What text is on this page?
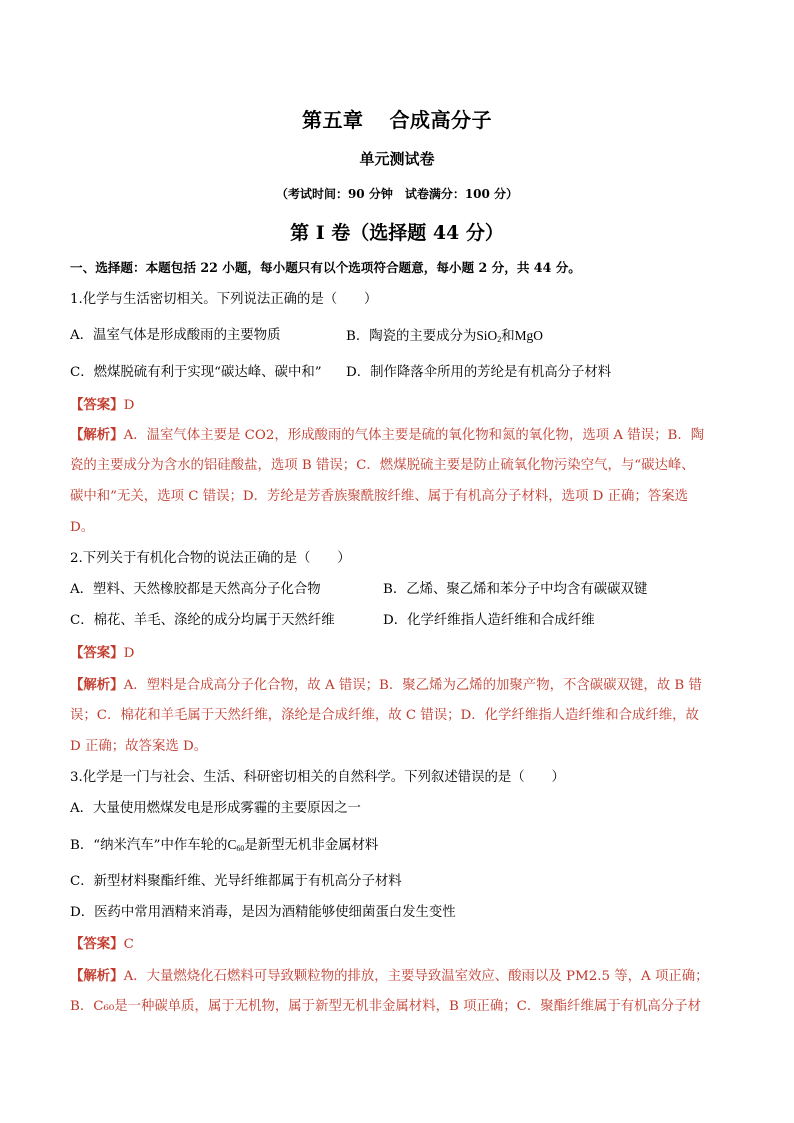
第五章 合成高分子
单元测试卷
（考试时间：90 分钟　试卷满分：100 分）
第 I 卷（选择题 44 分）
一、选择题：本题包括 22 小题，每小题只有以个选项符合题意，每小题 2 分，共 44 分。
1.化学与生活密切相关。下列说法正确的是（　　）
A．温室气体是形成酸雨的主要物质	B．陶瓷的主要成分为SiO$_2$和MgO
C．燃煤脱硫有利于实现“碳达峰、碳中和” D．制作降落伞所用的芳纶是有机高分子材料
【答案】D
【解析】A．温室气体主要是 CO2，形成酸雨的气体主要是硫的氧化物和氮的氧化物，选项 A 错误；B．陶
瓷的主要成分为含水的铝硅酸盐，选项 B 错误；C．燃煤脱硫主要是防止硫氧化物污染空气，与“碳达峰、
碳中和”无关，选项 C 错误；D．芳纶是芳香族聚酰胺纤维、属于有机高分子材料，选项 D 正确；答案选
D。
2.下列关于有机化合物的说法正确的是（　　）
A．塑料、天然橡胶都是天然高分子化合物	B．乙烯、聚乙烯和苯分子中均含有碳碳双键
C．棉花、羊毛、涤纶的成分均属于天然纤维	D．化学纤维指人造纤维和合成纤维
【答案】D
【解析】A．塑料是合成高分子化合物，故 A 错误；B．聚乙烯为乙烯的加聚产物，不含碳碳双键，故 B 错
误；C．棉花和羊毛属于天然纤维，涤纶是合成纤维，故 C 错误；D．化学纤维指人造纤维和合成纤维，故
D 正确；故答案选 D。
3.化学是一门与社会、生活、科研密切相关的自然科学。下列叙述错误的是（　　）
A．大量使用燃煤发电是形成雾霾的主要原因之一
B．“纳米汽车”中作车轮的$C_{60}$是新型无机非金属材料
C．新型材料聚酯纤维、光导纤维都属于有机高分子材料
D．医药中常用酒精来消毒，是因为酒精能够使细菌蛋白发生变性
【答案】C
【解析】A．大量燃烧化石燃料可导致颗粒物的排放，主要导致温室效应、酸雨以及 PM2.5 等，A 项正确；
B．C₆₀是一种碳单质，属于无机物，属于新型无机非金属材料，B 项正确；C．聚酯纤维属于有机高分子材
